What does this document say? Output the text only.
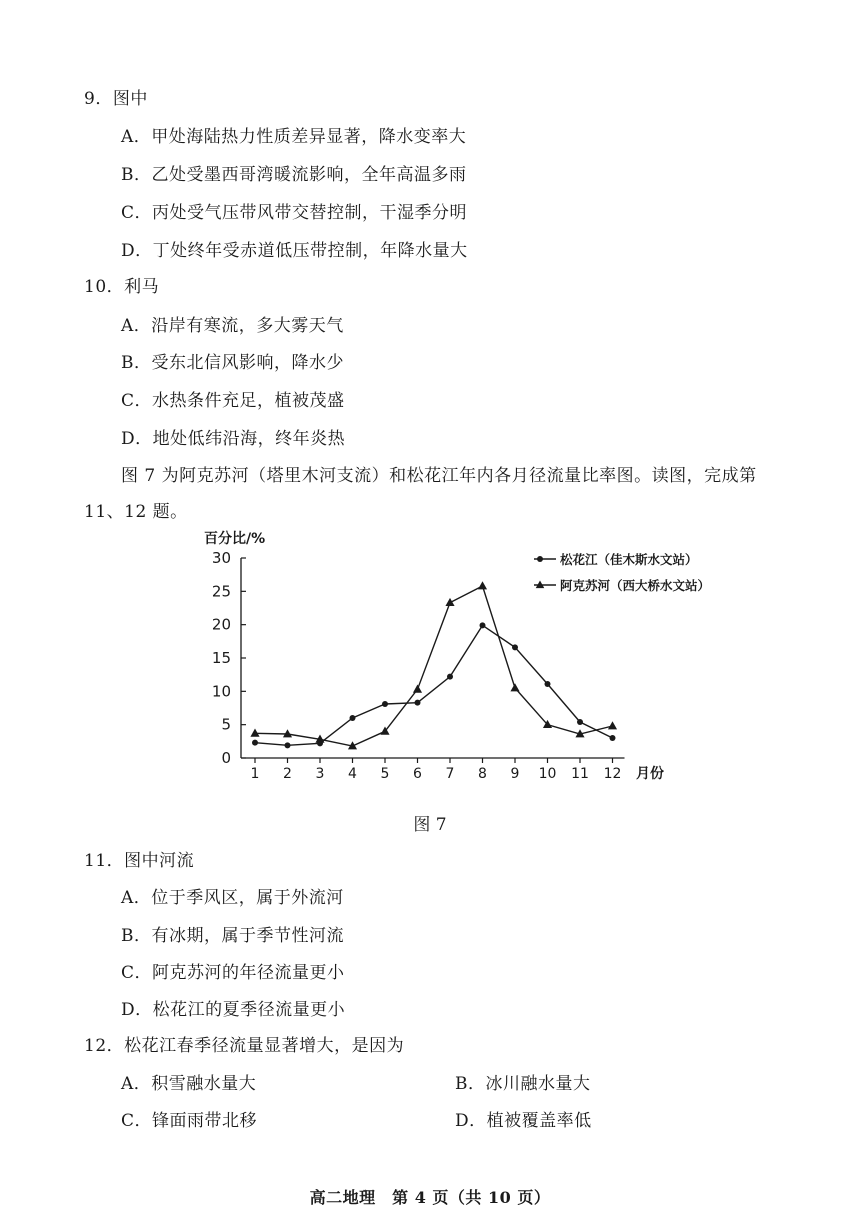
9．图中
A．甲处海陆热力性质差异显著，降水变率大
B．乙处受墨西哥湾暖流影响，全年高温多雨
C．丙处受气压带风带交替控制，干湿季分明
D．丁处终年受赤道低压带控制，年降水量大
10．利马
A．沿岸有寒流，多大雾天气
B．受东北信风影响，降水少
C．水热条件充足，植被茂盛
D．地处低纬沿海，终年炎热
图 7 为阿克苏河（塔里木河支流）和松花江年内各月径流量比率图。读图，完成第
11、12 题。
百分比/%
0
5
10
15
20
25
30
1 2 3 4 5 6 7 8 9 10 11 12 月份
松花江（佳木斯水文站）
阿克苏河（西大桥水文站）
图 7
11．图中河流
A．位于季风区，属于外流河
B．有冰期，属于季节性河流
C．阿克苏河的年径流量更小
D．松花江的夏季径流量更小
12．松花江春季径流量显著增大，是因为
A．积雪融水量大	B．冰川融水量大
C．锋面雨带北移	D．植被覆盖率低
高二地理　第 4 页（共 10 页）
